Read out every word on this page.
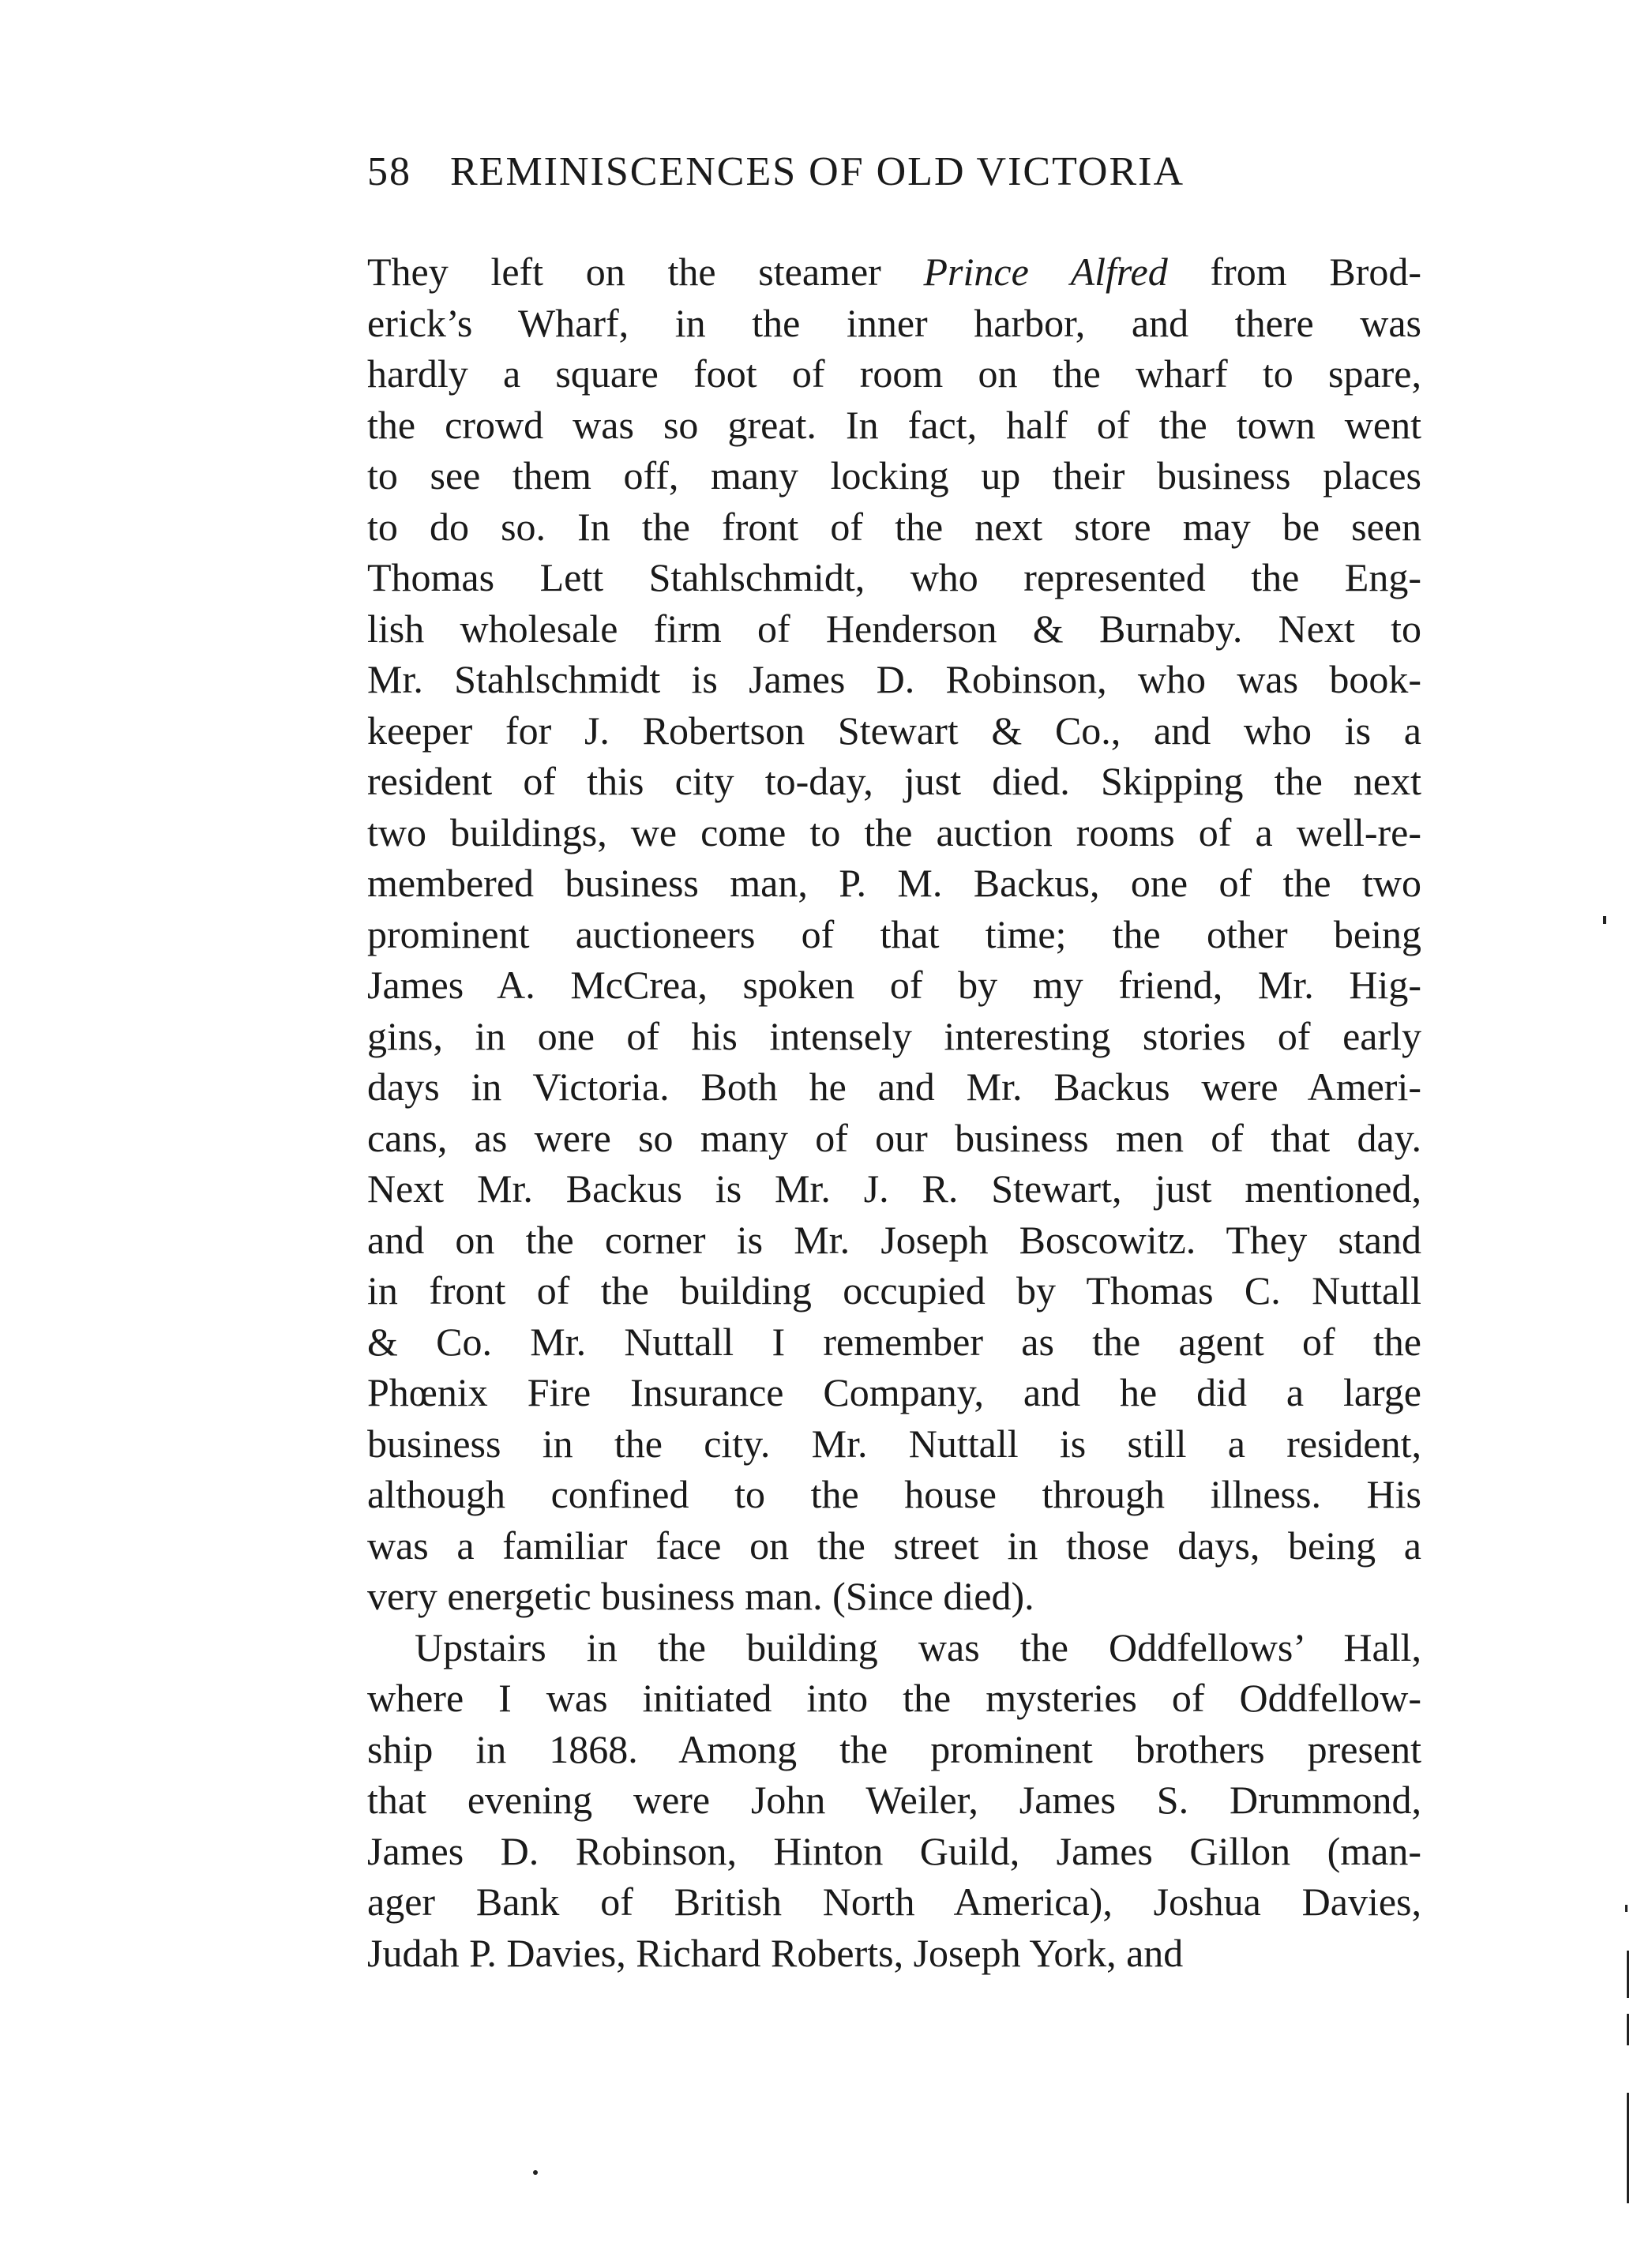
58 REMINISCENCES OF OLD VICTORIA
They left on the steamer Prince Alfred from Brod-
erick’s Wharf, in the inner harbor, and there was
hardly a square foot of room on the wharf to spare,
the crowd was so great. In fact, half of the town went
to see them off, many locking up their business places
to do so. In the front of the next store may be seen
Thomas Lett Stahlschmidt, who represented the Eng-
lish wholesale firm of Henderson & Burnaby. Next to
Mr. Stahlschmidt is James D. Robinson, who was book-
keeper for J. Robertson Stewart & Co., and who is a
resident of this city to-day, just died. Skipping the next
two buildings, we come to the auction rooms of a well-re-
membered business man, P. M. Backus, one of the two
prominent auctioneers of that time; the other being
James A. McCrea, spoken of by my friend, Mr. Hig-
gins, in one of his intensely interesting stories of early
days in Victoria. Both he and Mr. Backus were Ameri-
cans, as were so many of our business men of that day.
Next Mr. Backus is Mr. J. R. Stewart, just mentioned,
and on the corner is Mr. Joseph Boscowitz. They stand
in front of the building occupied by Thomas C. Nuttall
& Co. Mr. Nuttall I remember as the agent of the
Phœnix Fire Insurance Company, and he did a large
business in the city. Mr. Nuttall is still a resident,
although confined to the house through illness. His
was a familiar face on the street in those days, being a
very energetic business man. (Since died).
Upstairs in the building was the Oddfellows’ Hall,
where I was initiated into the mysteries of Oddfellow-
ship in 1868. Among the prominent brothers present
that evening were John Weiler, James S. Drummond,
James D. Robinson, Hinton Guild, James Gillon (man-
ager Bank of British North America), Joshua Davies,
Judah P. Davies, Richard Roberts, Joseph York, and
